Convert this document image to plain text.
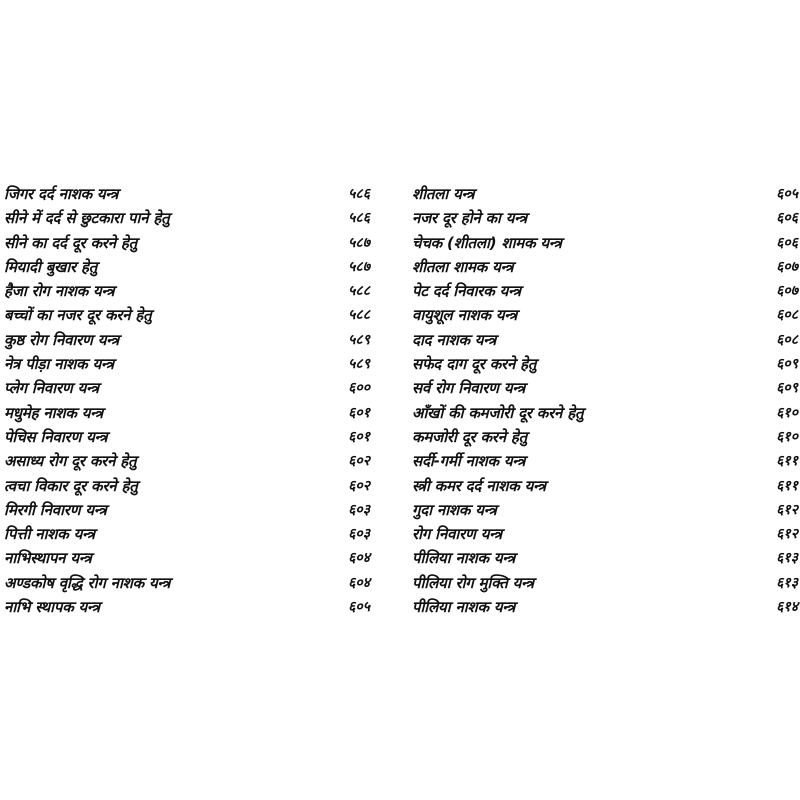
जिगर दर्द नाशक यन्त्र	५८६
सीने में दर्द से छुटकारा पाने हेतु	५८६
सीने का दर्द दूर करने हेतु	५८७
मियादी बुखार हेतु	५८७
हैजा रोग नाशक यन्त्र	५८८
बच्चों का नजर दूर करने हेतु	५८८
कुष्ठ रोग निवारण यन्त्र	५८९
नेत्र पीड़ा नाशक यन्त्र	५८९
प्लेग निवारण यन्त्र	६००
मधुमेह नाशक यन्त्र	६०१
पेचिस निवारण यन्त्र	६०१
असाध्य रोग दूर करने हेतु	६०२
त्वचा विकार दूर करने हेतु	६०२
मिरगी निवारण यन्त्र	६०३
पित्ती नाशक यन्त्र	६०३
नाभिस्थापन यन्त्र	६०४
अण्डकोष वृद्धि रोग नाशक यन्त्र	६०४
नाभि स्थापक यन्त्र	६०५
शीतला यन्त्र	६०५
नजर दूर होने का यन्त्र	६०६
चेचक (शीतला) शामक यन्त्र	६०६
शीतला शामक यन्त्र	६०७
पेट दर्द निवारक यन्त्र	६०७
वायुशूल नाशक यन्त्र	६०८
दाद नाशक यन्त्र	६०८
सफेद दाग दूर करने हेतु	६०९
सर्व रोग निवारण यन्त्र	६०९
आँखों की कमजोरी दूर करने हेतु	६१०
कमजोरी दूर करने हेतु	६१०
सर्दी-गर्मी नाशक यन्त्र	६११
स्त्री कमर दर्द नाशक यन्त्र	६११
गुदा नाशक यन्त्र	६१२
रोग निवारण यन्त्र	६१२
पीलिया नाशक यन्त्र	६१३
पीलिया रोग मुक्ति यन्त्र	६१३
पीलिया नाशक यन्त्र	६१४
